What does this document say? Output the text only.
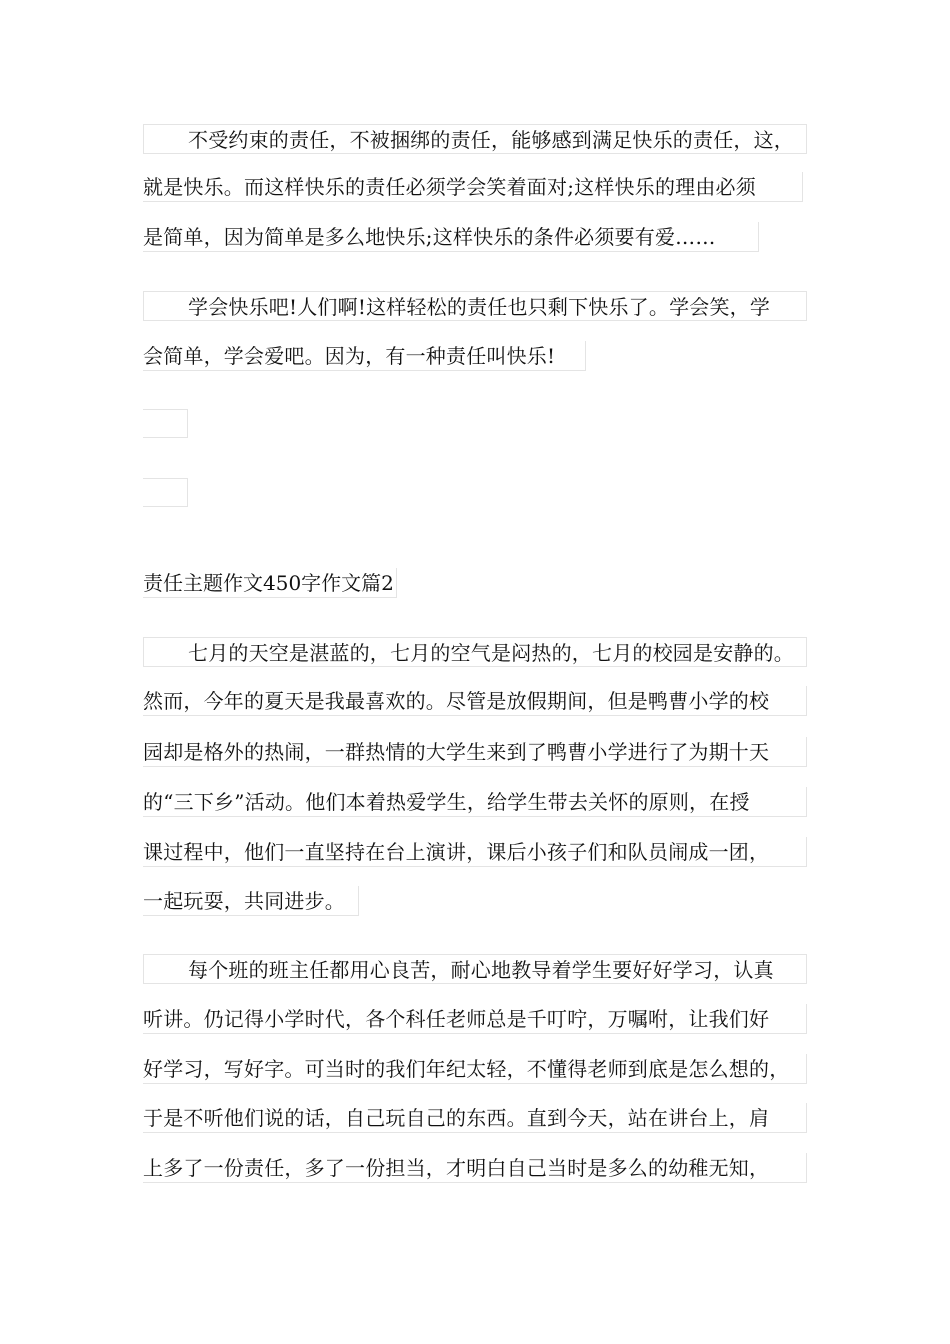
不受约束的责任，不被捆绑的责任，能够感到满足快乐的责任，这，
就是快乐。而这样快乐的责任必须学会笑着面对;这样快乐的理由必须
是简单，因为简单是多么地快乐;这样快乐的条件必须要有爱……
学会快乐吧!人们啊!这样轻松的责任也只剩下快乐了。学会笑，学
会简单，学会爱吧。因为，有一种责任叫快乐!
责任主题作文450字作文篇2
七月的天空是湛蓝的，七月的空气是闷热的，七月的校园是安静的。
然而，今年的夏天是我最喜欢的。尽管是放假期间，但是鸭曹小学的校
园却是格外的热闹，一群热情的大学生来到了鸭曹小学进行了为期十天
的“三下乡”活动。他们本着热爱学生，给学生带去关怀的原则，在授
课过程中，他们一直坚持在台上演讲，课后小孩子们和队员闹成一团，
一起玩耍，共同进步。
每个班的班主任都用心良苦，耐心地教导着学生要好好学习，认真
听讲。仍记得小学时代，各个科任老师总是千叮咛，万嘱咐，让我们好
好学习，写好字。可当时的我们年纪太轻，不懂得老师到底是怎么想的，
于是不听他们说的话，自己玩自己的东西。直到今天，站在讲台上，肩
上多了一份责任，多了一份担当，才明白自己当时是多么的幼稚无知，
